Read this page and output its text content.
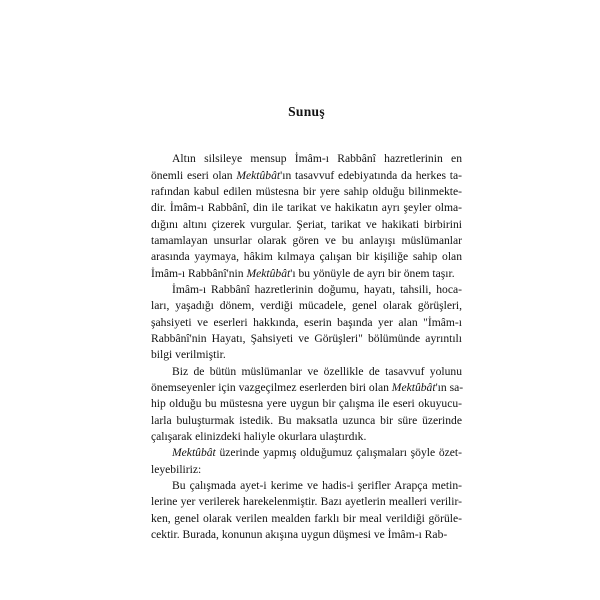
Sunuş
Altın silsileye mensup İmâm-ı Rabbânî hazretlerinin en
önemli eseri olan Mektûbât'ın tasavvuf edebiyatında da herkes ta-
rafından kabul edilen müstesna bir yere sahip olduğu bilinmekte-
dir. İmâm-ı Rabbânî, din ile tarikat ve hakikatın ayrı şeyler olma-
dığını altını çizerek vurgular. Şeriat, tarikat ve hakikati birbirini
tamamlayan unsurlar olarak gören ve bu anlayışı müslümanlar
arasında yaymaya, hâkim kılmaya çalışan bir kişiliğe sahip olan
İmâm-ı Rabbânî'nin Mektûbât'ı bu yönüyle de ayrı bir önem taşır.
İmâm-ı Rabbânî hazretlerinin doğumu, hayatı, tahsili, hoca-
ları, yaşadığı dönem, verdiği mücadele, genel olarak görüşleri,
şahsiyeti ve eserleri hakkında, eserin başında yer alan "İmâm-ı
Rabbânî'nin Hayatı, Şahsiyeti ve Görüşleri" bölümünde ayrıntılı
bilgi verilmiştir.
Biz de bütün müslümanlar ve özellikle de tasavvuf yolunu
önemseyenler için vazgeçilmez eserlerden biri olan Mektûbât'ın sa-
hip olduğu bu müstesna yere uygun bir çalışma ile eseri okuyucu-
larla buluşturmak istedik. Bu maksatla uzunca bir süre üzerinde
çalışarak elinizdeki haliyle okurlara ulaştırdık.
Mektûbât üzerinde yapmış olduğumuz çalışmaları şöyle özet-
leyebiliriz:
Bu çalışmada ayet-i kerime ve hadis-i şerifler Arapça metin-
lerine yer verilerek harekelenmiştir. Bazı ayetlerin mealleri verilir-
ken, genel olarak verilen mealden farklı bir meal verildiği görüle-
cektir. Burada, konunun akışına uygun düşmesi ve İmâm-ı Rab-
